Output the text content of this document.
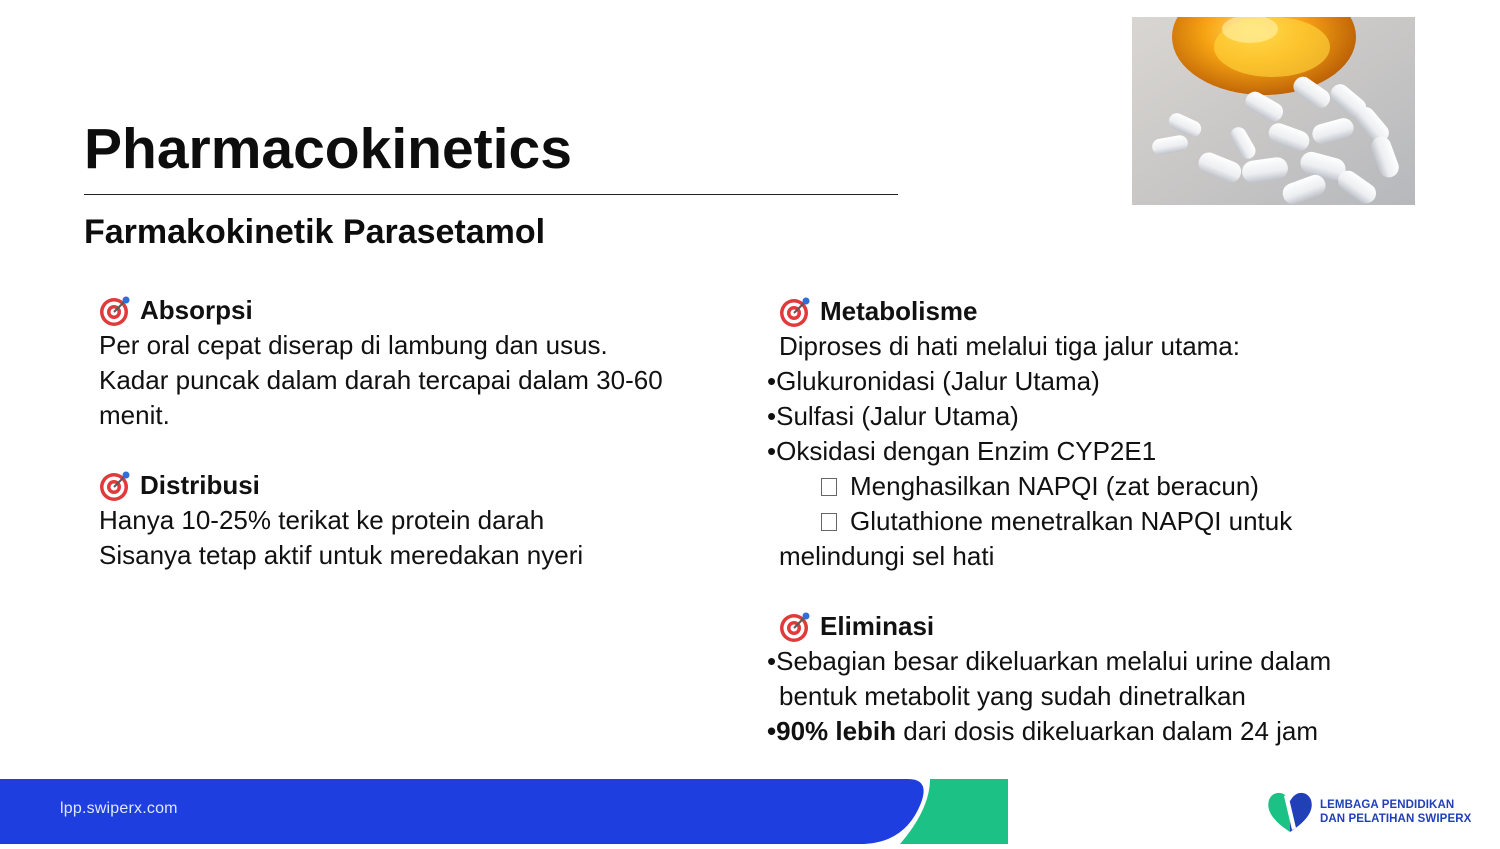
Pharmacokinetics
Farmakokinetik Parasetamol
Absorpsi
Per oral cepat diserap di lambung dan usus.
Kadar puncak dalam darah tercapai dalam 30-60
menit.
Distribusi
Hanya 10-25% terikat ke protein darah
Sisanya tetap aktif untuk meredakan nyeri
Metabolisme
Diproses di hati melalui tiga jalur utama:
•Glukuronidasi (Jalur Utama)
•Sulfasi (Jalur Utama)
•Oksidasi dengan Enzim CYP2E1
Menghasilkan NAPQI (zat beracun)
Glutathione menetralkan NAPQI untuk
melindungi sel hati
Eliminasi
•Sebagian besar dikeluarkan melalui urine dalam
bentuk metabolit yang sudah dinetralkan
•90% lebih dari dosis dikeluarkan dalam 24 jam
lpp.swiperx.com	LEMBAGA PENDIDIKAN
DAN PELATIHAN SWIPERX
